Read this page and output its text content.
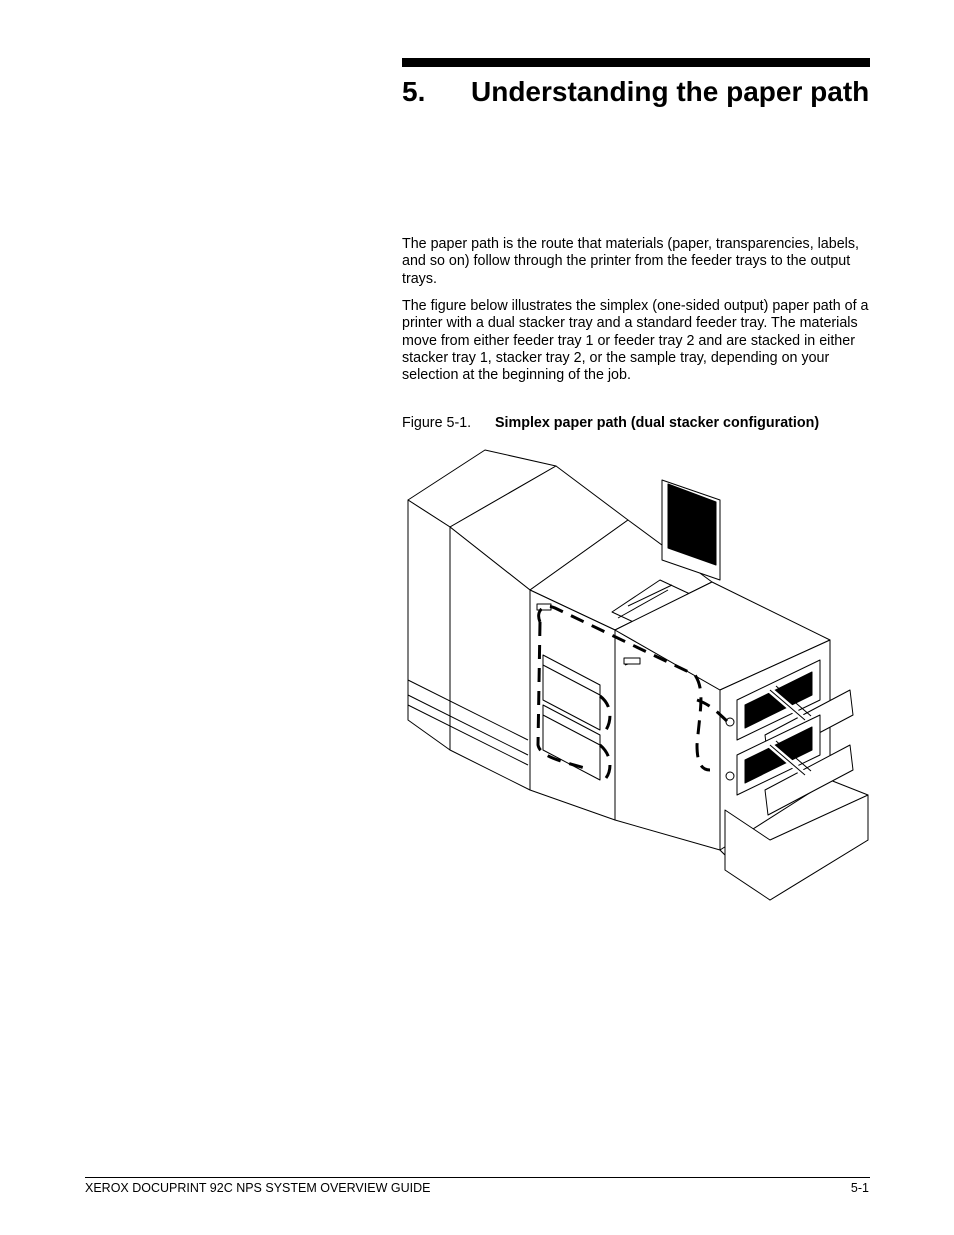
5. Understanding the paper path

The paper path is the route that materials (paper, transparencies, labels, and so on) follow through the printer from the feeder trays to the output trays.

The figure below illustrates the simplex (one-sided output) paper path of a printer with a dual stacker tray and a standard feeder tray. The materials move from either feeder tray 1 or feeder tray 2 and are stacked in either stacker tray 1, stacker tray 2, or the sample tray, depending on your selection at the beginning of the job.

Figure 5-1. Simplex paper path (dual stacker configuration)

XEROX DOCUPRINT 92C NPS SYSTEM OVERVIEW GUIDE	5-1
